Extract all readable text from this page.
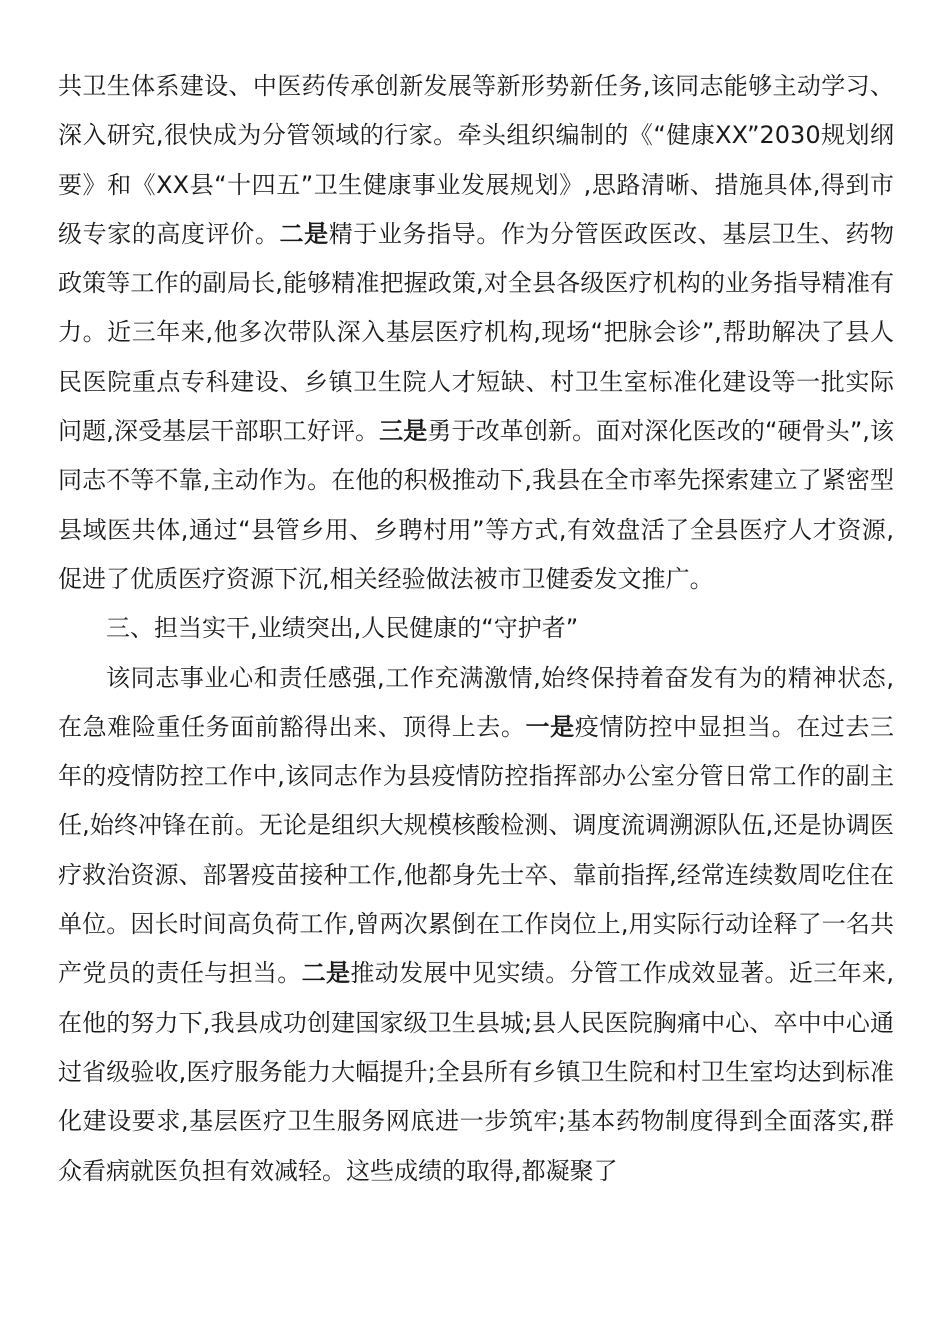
共卫生体系建设、中医药传承创新发展等新形势新任务,该同志能够主动学习、深入研究,很快成为分管领域的行家。牵头组织编制的《“健康XX”2030规划纲要》和《XX县“十四五”卫生健康事业发展规划》,思路清晰、措施具体,得到市级专家的高度评价。二是精于业务指导。作为分管医政医改、基层卫生、药物政策等工作的副局长,能够精准把握政策,对全县各级医疗机构的业务指导精准有力。近三年来,他多次带队深入基层医疗机构,现场“把脉会诊”,帮助解决了县人民医院重点专科建设、乡镇卫生院人才短缺、村卫生室标准化建设等一批实际问题,深受基层干部职工好评。三是勇于改革创新。面对深化医改的“硬骨头”,该同志不等不靠,主动作为。在他的积极推动下,我县在全市率先探索建立了紧密型县域医共体,通过“县管乡用、乡聘村用”等方式,有效盘活了全县医疗人才资源,促进了优质医疗资源下沉,相关经验做法被市卫健委发文推广。

三、担当实干,业绩突出,人民健康的“守护者”

该同志事业心和责任感强,工作充满激情,始终保持着奋发有为的精神状态,在急难险重任务面前豁得出来、顶得上去。一是疫情防控中显担当。在过去三年的疫情防控工作中,该同志作为县疫情防控指挥部办公室分管日常工作的副主任,始终冲锋在前。无论是组织大规模核酸检测、调度流调溯源队伍,还是协调医疗救治资源、部署疫苗接种工作,他都身先士卒、靠前指挥,经常连续数周吃住在单位。因长时间高负荷工作,曾两次累倒在工作岗位上,用实际行动诠释了一名共产党员的责任与担当。二是推动发展中见实绩。分管工作成效显著。近三年来,在他的努力下,我县成功创建国家级卫生县城;县人民医院胸痛中心、卒中中心通过省级验收,医疗服务能力大幅提升;全县所有乡镇卫生院和村卫生室均达到标准化建设要求,基层医疗卫生服务网底进一步筑牢;基本药物制度得到全面落实,群众看病就医负担有效减轻。这些成绩的取得,都凝聚了
